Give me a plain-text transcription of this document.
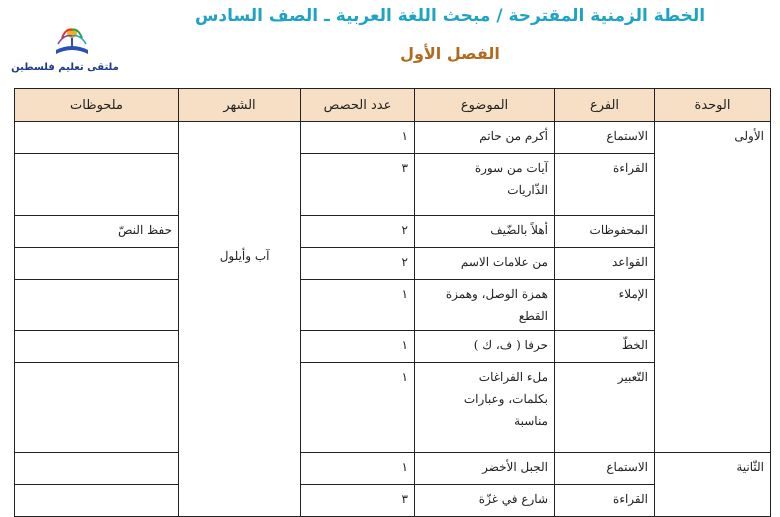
ملتقى تعليم فلسطين
الخطة الزمنية المقترحة / مبحث اللغة العربية ـ الصف السادس
الفصل الأول
الوحدة	الفرع	الموضوع	عدد الحصص	الشهر	ملحوظات
الأولى	الاستماع	أكرم من حاتم	١	آب وأيلول	

	القراءة	آيات من سورة الذّاريات	٣		
	المحفوظات	أهلاً بالضّيف	٢		حفظ النصّ
	القواعد	من علامات الاسم	٢		
	الإملاء	همزة الوصل، وهمزة القطع	١		
	الخطّ	حرفا ( ف، ك )	١		
	التّعبير	ملء الفراغات بكلمات، وعبارات مناسبة	١		
الثّانية	الاستماع	الجبل الأخضر	١		
	القراءة	شارع في غزّة	٣		
